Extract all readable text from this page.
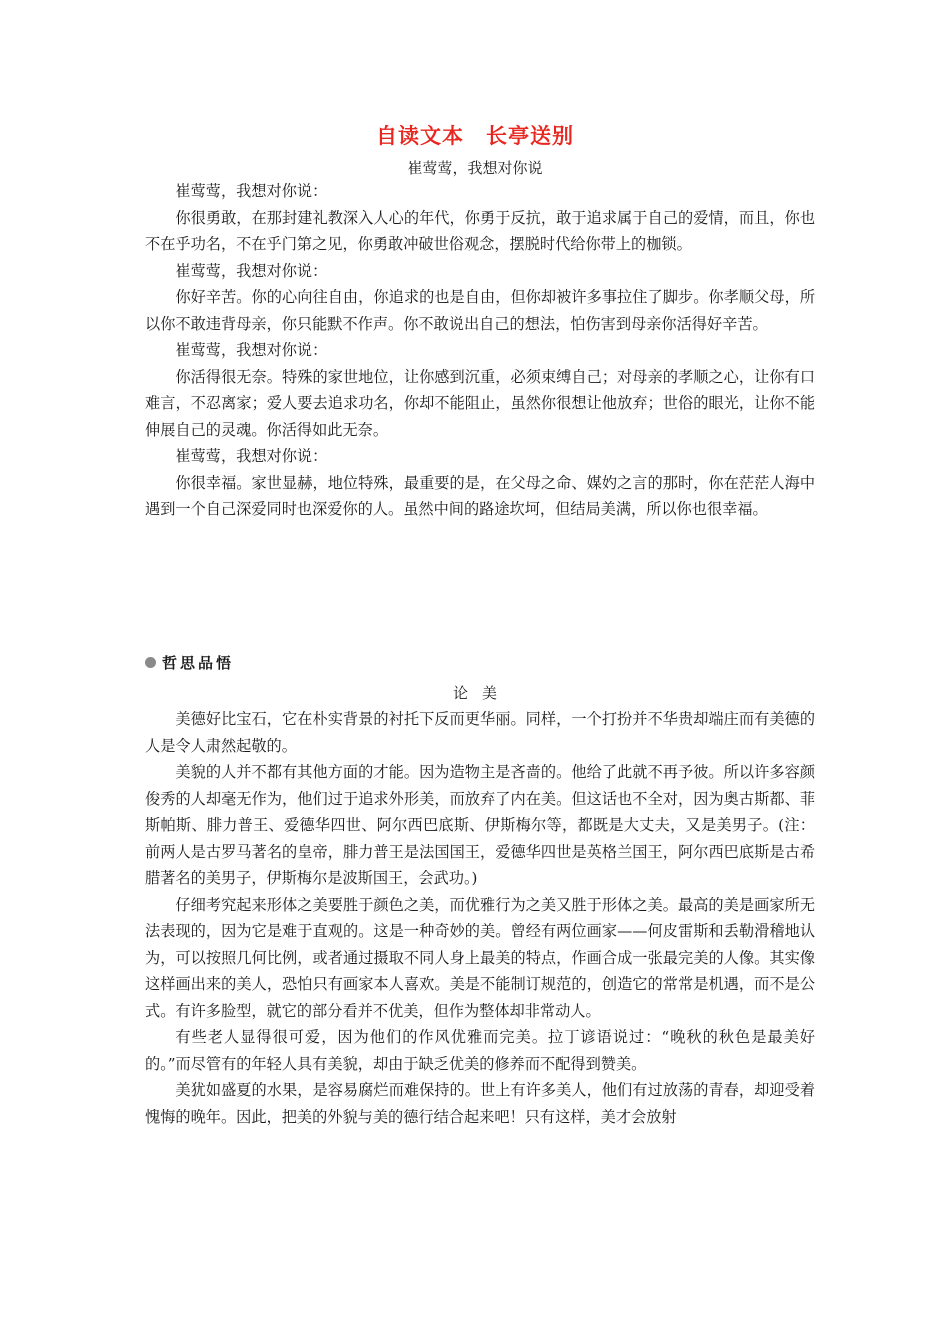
自读文本　长亭送别

崔莺莺，我想对你说

崔莺莺，我想对你说：

你很勇敢，在那封建礼教深入人心的年代，你勇于反抗，敢于追求属于自己的爱情，而且，你也不在乎功名，不在乎门第之见，你勇敢冲破世俗观念，摆脱时代给你带上的枷锁。

崔莺莺，我想对你说：

你好辛苦。你的心向往自由，你追求的也是自由，但你却被许多事拉住了脚步。你孝顺父母，所以你不敢违背母亲，你只能默不作声。你不敢说出自己的想法，怕伤害到母亲你活得好辛苦。

崔莺莺，我想对你说：

你活得很无奈。特殊的家世地位，让你感到沉重，必须束缚自己；对母亲的孝顺之心，让你有口难言，不忍离家；爱人要去追求功名，你却不能阻止，虽然你很想让他放弃；世俗的眼光，让你不能伸展自己的灵魂。你活得如此无奈。

崔莺莺，我想对你说：

你很幸福。家世显赫，地位特殊，最重要的是，在父母之命、媒妁之言的那时，你在茫茫人海中遇到一个自己深爱同时也深爱你的人。虽然中间的路途坎坷，但结局美满，所以你也很幸福。

哲思品悟

论美

美德好比宝石，它在朴实背景的衬托下反而更华丽。同样，一个打扮并不华贵却端庄而有美德的人是令人肃然起敬的。

美貌的人并不都有其他方面的才能。因为造物主是吝啬的。他给了此就不再予彼。所以许多容颜俊秀的人却毫无作为，他们过于追求外形美，而放弃了内在美。但这话也不全对，因为奥古斯都、菲斯帕斯、腓力普王、爱德华四世、阿尔西巴底斯、伊斯梅尔等，都既是大丈夫，又是美男子。(注：前两人是古罗马著名的皇帝，腓力普王是法国国王，爱德华四世是英格兰国王，阿尔西巴底斯是古希腊著名的美男子，伊斯梅尔是波斯国王，会武功。)

仔细考究起来形体之美要胜于颜色之美，而优雅行为之美又胜于形体之美。最高的美是画家所无法表现的，因为它是难于直观的。这是一种奇妙的美。曾经有两位画家——何皮雷斯和丢勒滑稽地认为，可以按照几何比例，或者通过摄取不同人身上最美的特点，作画合成一张最完美的人像。其实像这样画出来的美人，恐怕只有画家本人喜欢。美是不能制订规范的，创造它的常常是机遇，而不是公式。有许多脸型，就它的部分看并不优美，但作为整体却非常动人。

有些老人显得很可爱，因为他们的作风优雅而完美。拉丁谚语说过：“晚秋的秋色是最美好的。”而尽管有的年轻人具有美貌，却由于缺乏优美的修养而不配得到赞美。

美犹如盛夏的水果，是容易腐烂而难保持的。世上有许多美人，他们有过放荡的青春，却迎受着愧悔的晚年。因此，把美的外貌与美的德行结合起来吧！只有这样，美才会放射
